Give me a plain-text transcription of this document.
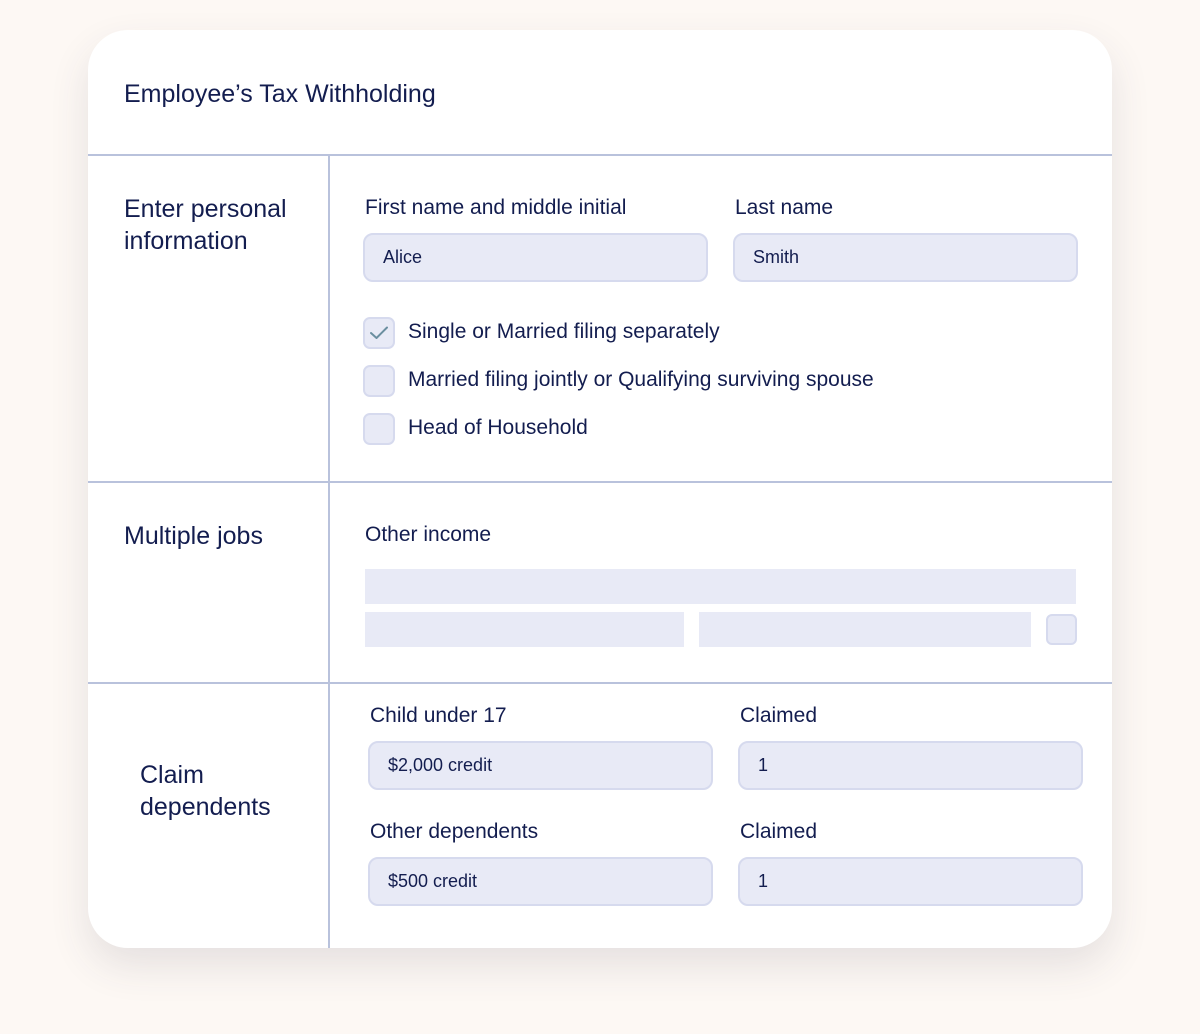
Employee’s Tax Withholding
Enter personal information
First name and middle initial
Alice
Last name
Smith
Single or Married filing separately
Married filing jointly or Qualifying surviving spouse
Head of Household
Multiple jobs	Other income
Claim dependents
Child under 17
$2,000 credit
Claimed
1
Other dependents
$500 credit
Claimed
1
